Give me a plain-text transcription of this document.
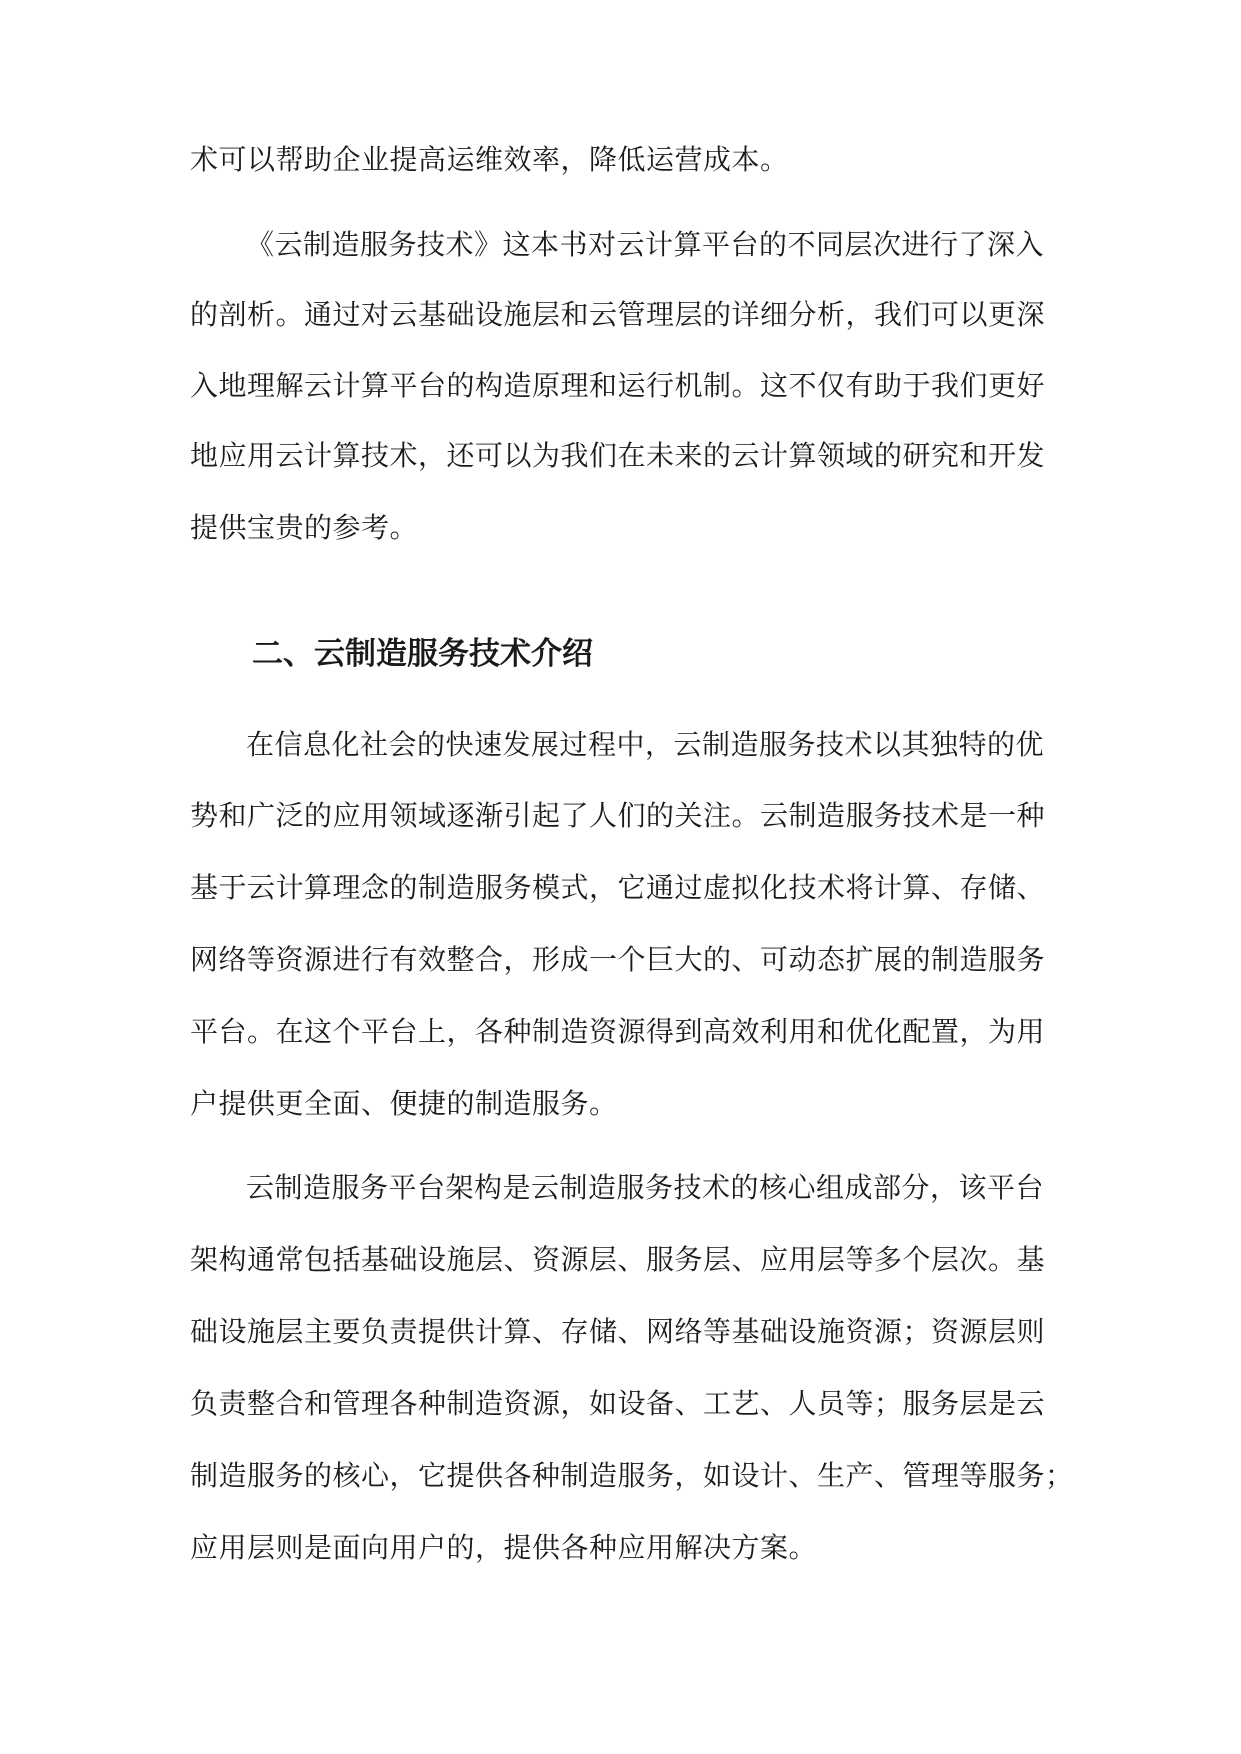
术可以帮助企业提高运维效率，降低运营成本。
《云制造服务技术》这本书对云计算平台的不同层次进行了深入
的剖析。通过对云基础设施层和云管理层的详细分析，我们可以更深
入地理解云计算平台的构造原理和运行机制。这不仅有助于我们更好
地应用云计算技术，还可以为我们在未来的云计算领域的研究和开发
提供宝贵的参考。
二、云制造服务技术介绍
在信息化社会的快速发展过程中，云制造服务技术以其独特的优
势和广泛的应用领域逐渐引起了人们的关注。云制造服务技术是一种
基于云计算理念的制造服务模式，它通过虚拟化技术将计算、存储、
网络等资源进行有效整合，形成一个巨大的、可动态扩展的制造服务
平台。在这个平台上，各种制造资源得到高效利用和优化配置，为用
户提供更全面、便捷的制造服务。
云制造服务平台架构是云制造服务技术的核心组成部分，该平台
架构通常包括基础设施层、资源层、服务层、应用层等多个层次。基
础设施层主要负责提供计算、存储、网络等基础设施资源；资源层则
负责整合和管理各种制造资源，如设备、工艺、人员等；服务层是云
制造服务的核心，它提供各种制造服务，如设计、生产、管理等服务；
应用层则是面向用户的，提供各种应用解决方案。
